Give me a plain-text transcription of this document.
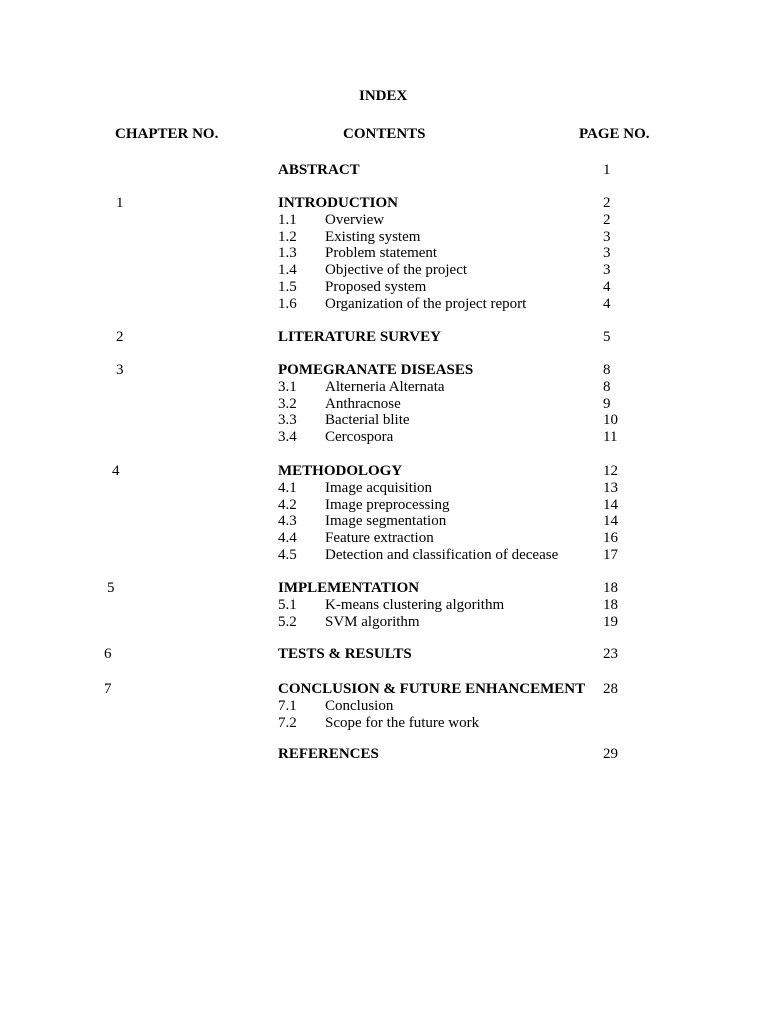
INDEX
CHAPTER NO.	CONTENTS	PAGE NO.
ABSTRACT	1
1	INTRODUCTION	2
1.1 Overview	2
1.2 Existing system	3
1.3 Problem statement	3
1.4 Objective of the project	3
1.5 Proposed system	4
1.6 Organization of the project report	4
2	LITERATURE SURVEY	5
3	POMEGRANATE DISEASES	8
3.1 Alterneria Alternata	8
3.2 Anthracnose	9
3.3 Bacterial blite	10
3.4 Cercospora	11
4	METHODOLOGY	12
4.1 Image acquisition	13
4.2 Image preprocessing	14
4.3 Image segmentation	14
4.4 Feature extraction	16
4.5 Detection and classification of decease	17
5	IMPLEMENTATION	18
5.1 K-means clustering algorithm	18
5.2 SVM algorithm	19
6	TESTS & RESULTS	23
7	CONCLUSION & FUTURE ENHANCEMENT 28
7.1 Conclusion
7.2 Scope for the future work
REFERENCES	29
